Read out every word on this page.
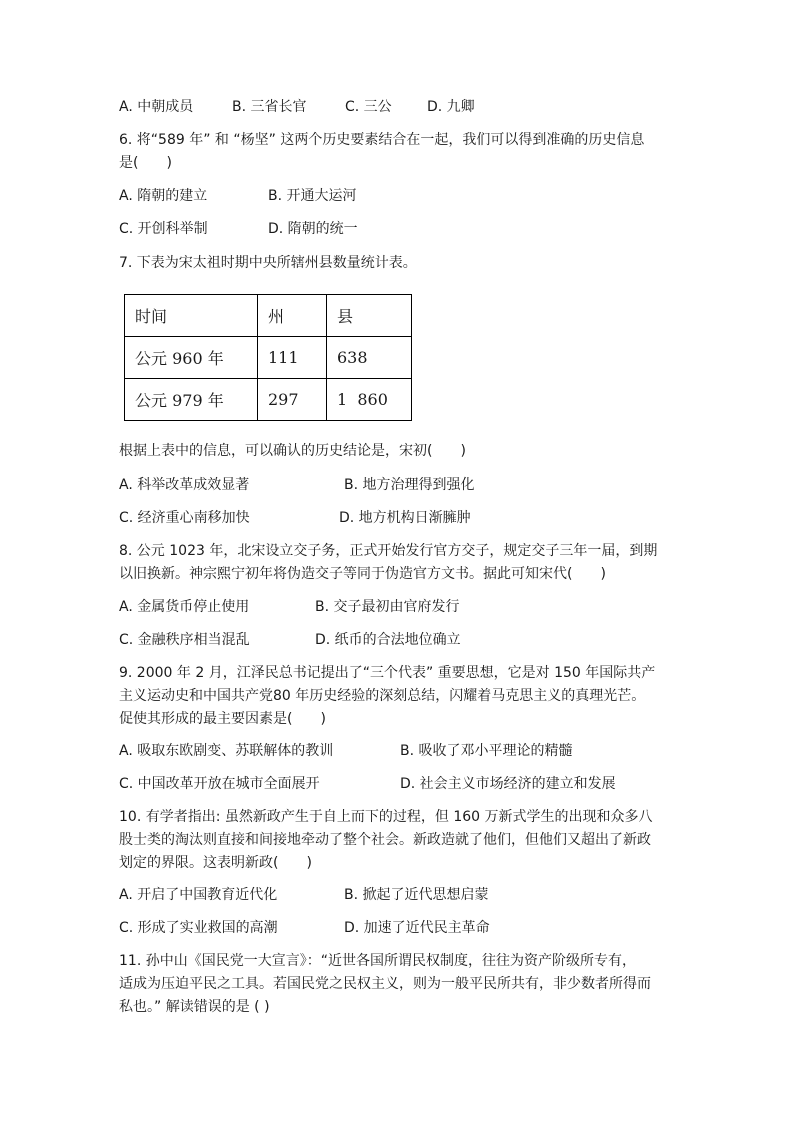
A. 中朝成员	B. 三省长官	C. 三公	D. 九卿
6. 将“589 年” 和 “杨坚” 这两个历史要素结合在一起，我们可以得到准确的历史信息
是(　　)
A. 隋朝的建立	B. 开通大运河
C. 开创科举制	D. 隋朝的统一
7. 下表为宋太祖时期中央所辖州县数量统计表。
时间	州	县
公元 960 年	111	638
公元 979 年	297	1  860
根据上表中的信息，可以确认的历史结论是，宋初(　　)
A. 科举改革成效显著	B. 地方治理得到强化
C. 经济重心南移加快	D. 地方机构日渐臃肿
8. 公元 1023 年，北宋设立交子务，正式开始发行官方交子，规定交子三年一届，到期
以旧换新。神宗熙宁初年将伪造交子等同于伪造官方文书。据此可知宋代(　　)
A. 金属货币停止使用	B. 交子最初由官府发行
C. 金融秩序相当混乱	D. 纸币的合法地位确立
9. 2000 年 2 月，江泽民总书记提出了“三个代表” 重要思想，它是对 150 年国际共产
主义运动史和中国共产党80 年历史经验的深刻总结，闪耀着马克思主义的真理光芒。
促使其形成的最主要因素是(　　)
A. 吸取东欧剧变、苏联解体的教训	B. 吸收了邓小平理论的精髓
C. 中国改革开放在城市全面展开	D. 社会主义市场经济的建立和发展
10. 有学者指出: 虽然新政产生于自上而下的过程，但 160 万新式学生的出现和众多八
股士类的淘汰则直接和间接地牵动了整个社会。新政造就了他们，但他们又超出了新政
划定的界限。这表明新政(　　)
A. 开启了中国教育近代化	B. 掀起了近代思想启蒙
C. 形成了实业救国的高潮	D. 加速了近代民主革命
11. 孙中山《国民党一大宣言》：“近世各国所谓民权制度，往往为资产阶级所专有，
适成为压迫平民之工具。若国民党之民权主义，则为一般平民所共有，非少数者所得而
私也。” 解读错误的是 ( )
